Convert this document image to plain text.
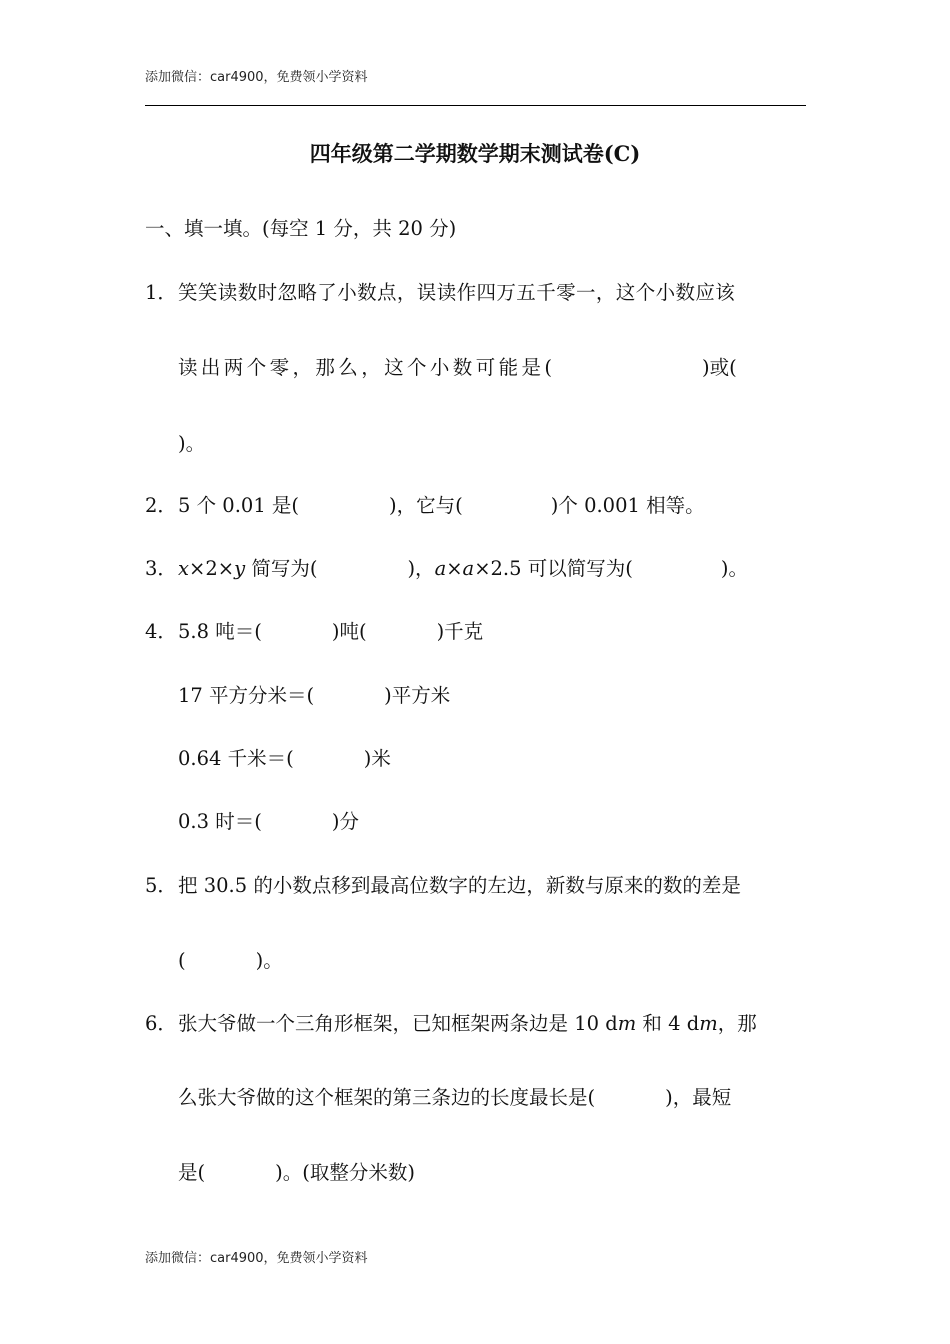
添加微信：car4900，免费领小学资料
四年级第二学期数学期末测试卷(C)
一、填一填。(每空 1 分，共 20 分)
1． 笑笑读数时忽略了小数点，误读作四万五千零一，这个小数应该
读出两个零，那么，这个小数可能是(	)或(
)。
2． 5 个 0.01 是(	)，它与(	)个 0.001 相等。
3． x×2×y 简写为(	)，a×a×2.5 可以简写为(	)。
4． 5.8 吨＝(	)吨(	)千克
17 平方分米＝(	)平方米
0.64 千米＝(	)米
0.3 时＝(	)分
5． 把 30.5 的小数点移到最高位数字的左边，新数与原来的数的差是
(	)。
6． 张大爷做一个三角形框架，已知框架两条边是 10 dm 和 4 dm，那
么张大爷做的这个框架的第三条边的长度最长是(	)，最短
是(	)。(取整分米数)
添加微信：car4900，免费领小学资料
